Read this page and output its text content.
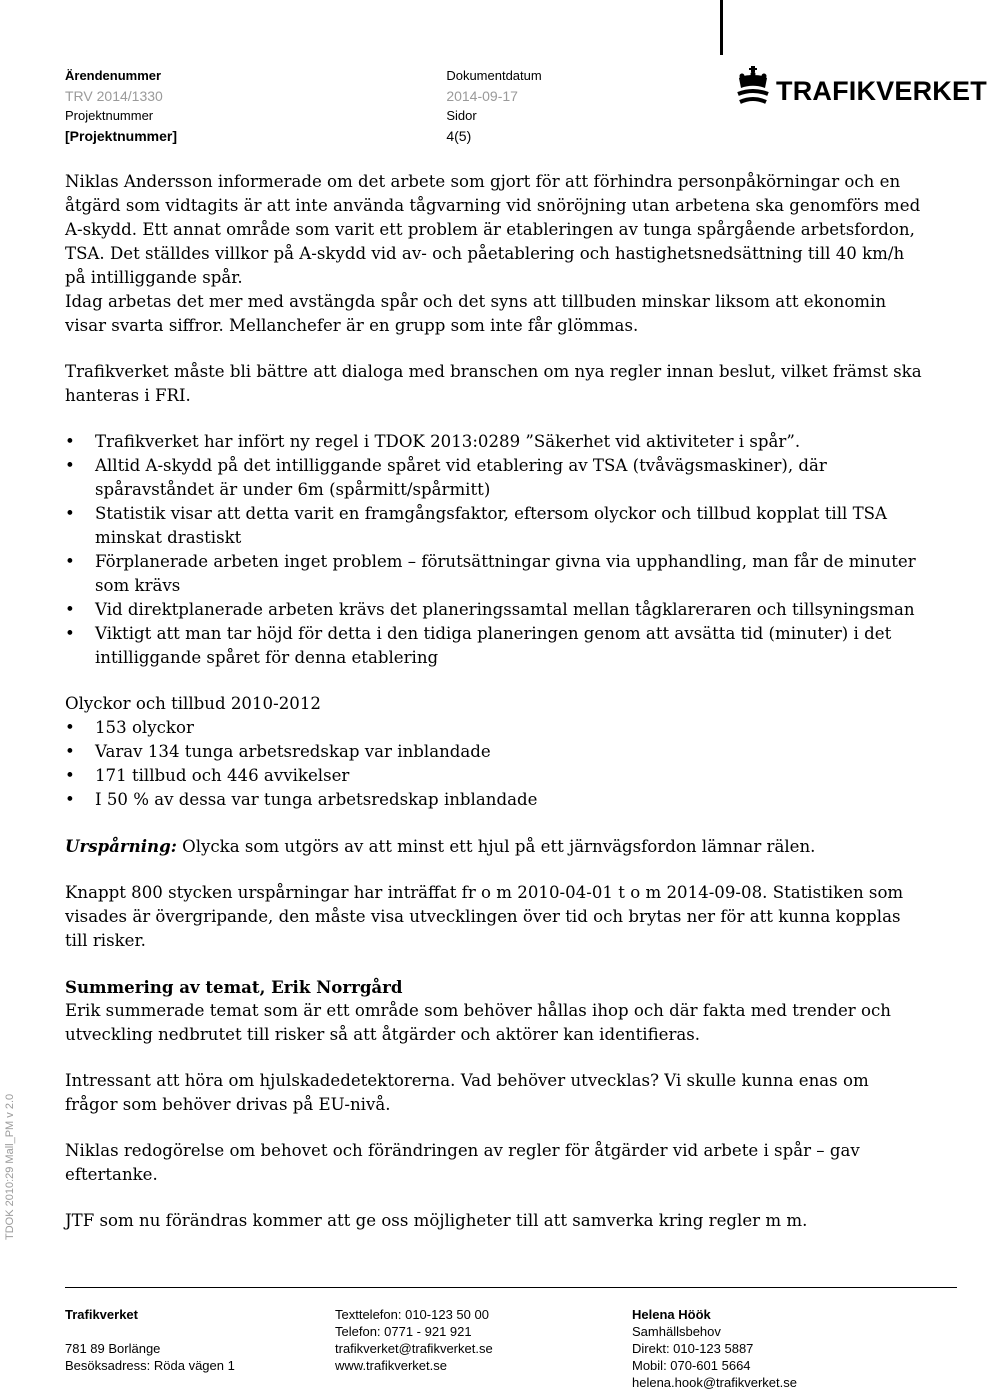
Ärendenummer
TRV 2014/1330
Dokumentdatum
2014-09-17
Projektnummer
[Projektnummer]
Sidor
4(5)
TRAFIKVERKET

Niklas Andersson informerade om det arbete som gjort för att förhindra personpåkörningar och en åtgärd som vidtagits är att inte använda tågvarning vid snöröjning utan arbetena ska genomförs med A-skydd. Ett annat område som varit ett problem är etableringen av tunga spårgående arbetsfordon, TSA. Det ställdes villkor på A-skydd vid av- och påetablering och hastighetsnedsättning till 40 km/h på intilliggande spår.

Idag arbetas det mer med avstängda spår och det syns att tillbuden minskar liksom att ekonomin visar svarta siffror. Mellanchefer är en grupp som inte får glömmas.

Trafikverket måste bli bättre att dialoga med branschen om nya regler innan beslut, vilket främst ska hanteras i FRI.

• Trafikverket har infört ny regel i TDOK 2013:0289 ”Säkerhet vid aktiviteter i spår”.
• Alltid A-skydd på det intilliggande spåret vid etablering av TSA (tvåvägsmaskiner), där spåravståndet är under 6m (spårmitt/spårmitt)
• Statistik visar att detta varit en framgångsfaktor, eftersom olyckor och tillbud kopplat till TSA minskat drastiskt
• Förplanerade arbeten inget problem – förutsättningar givna via upphandling, man får de minuter som krävs
• Vid direktplanerade arbeten krävs det planeringssamtal mellan tågklareraren och tillsyningsman
• Viktigt att man tar höjd för detta i den tidiga planeringen genom att avsätta tid (minuter) i det intilliggande spåret för denna etablering

Olyckor och tillbud 2010-2012

• 153 olyckor
• Varav 134 tunga arbetsredskap var inblandade
• 171 tillbud och 446 avvikelser
• I 50 % av dessa var tunga arbetsredskap inblandade

Urspårning: Olycka som utgörs av att minst ett hjul på ett järnvägsfordon lämnar rälen.

Knappt 800 stycken urspårningar har inträffat fr o m 2010-04-01 t o m 2014-09-08. Statistiken som visades är övergripande, den måste visa utvecklingen över tid och brytas ner för att kunna kopplas till risker.

Summering av temat, Erik Norrgård

Erik summerade temat som är ett område som behöver hållas ihop och där fakta med trender och utveckling nedbrutet till risker så att åtgärder och aktörer kan identifieras.

Intressant att höra om hjulskadedetektorerna. Vad behöver utvecklas? Vi skulle kunna enas om frågor som behöver drivas på EU-nivå.

Niklas redogörelse om behovet och förändringen av regler för åtgärder vid arbete i spår – gav eftertanke.

JTF som nu förändras kommer att ge oss möjligheter till att samverka kring regler m m.

TDOK 2010:29 Mall_PM v 2.0
Trafikverket
781 89 Borlänge
Besöksadress: Röda vägen 1
Texttelefon: 010-123 50 00
Telefon: 0771 - 921 921
trafikverket@trafikverket.se
www.trafikverket.se
Helena Höök
Samhällsbehov
Direkt: 010-123 5887
Mobil: 070-601 5664
helena.hook@trafikverket.se
